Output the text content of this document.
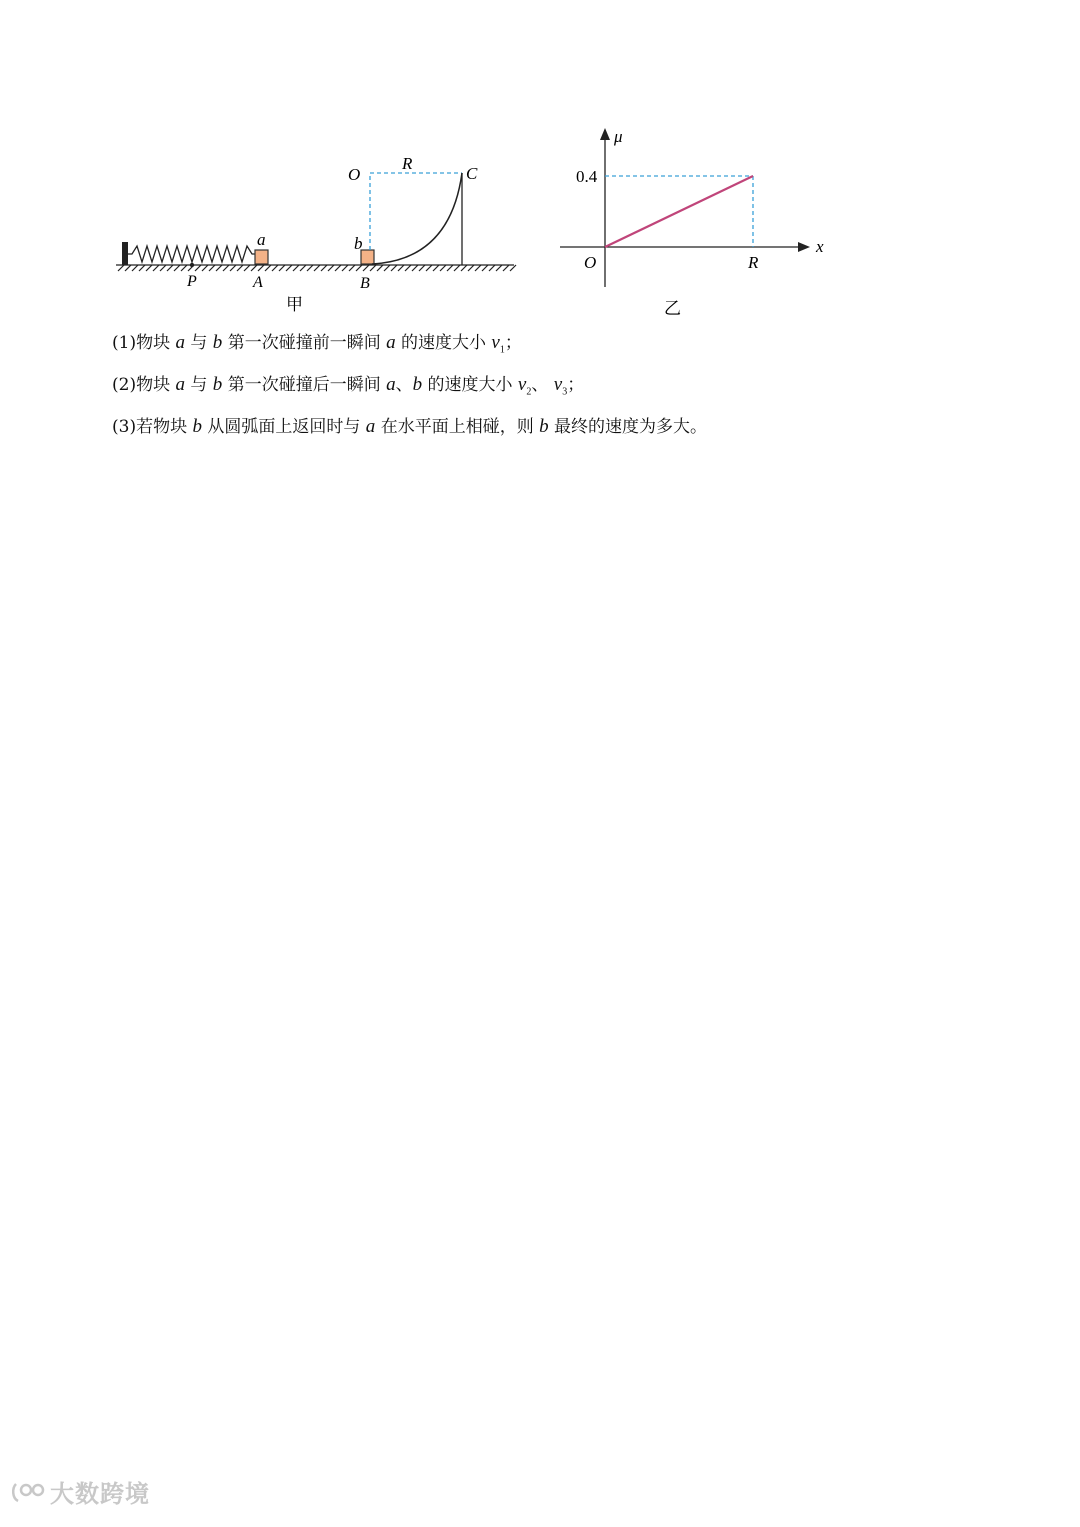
O
R
C
a	b
P	A	B
甲
μ
x
0.4
O	R
乙
(1)物块 a 与 b 第一次碰撞前一瞬间 a 的速度大小 $v_1$；
(2)物块 a 与 b 第一次碰撞后一瞬间 a、b 的速度大小 $v_2$、 $v_3$；
(3)若物块 b 从圆弧面上返回时与 a 在水平面上相碰，则 b 最终的速度为多大。
大数跨境
